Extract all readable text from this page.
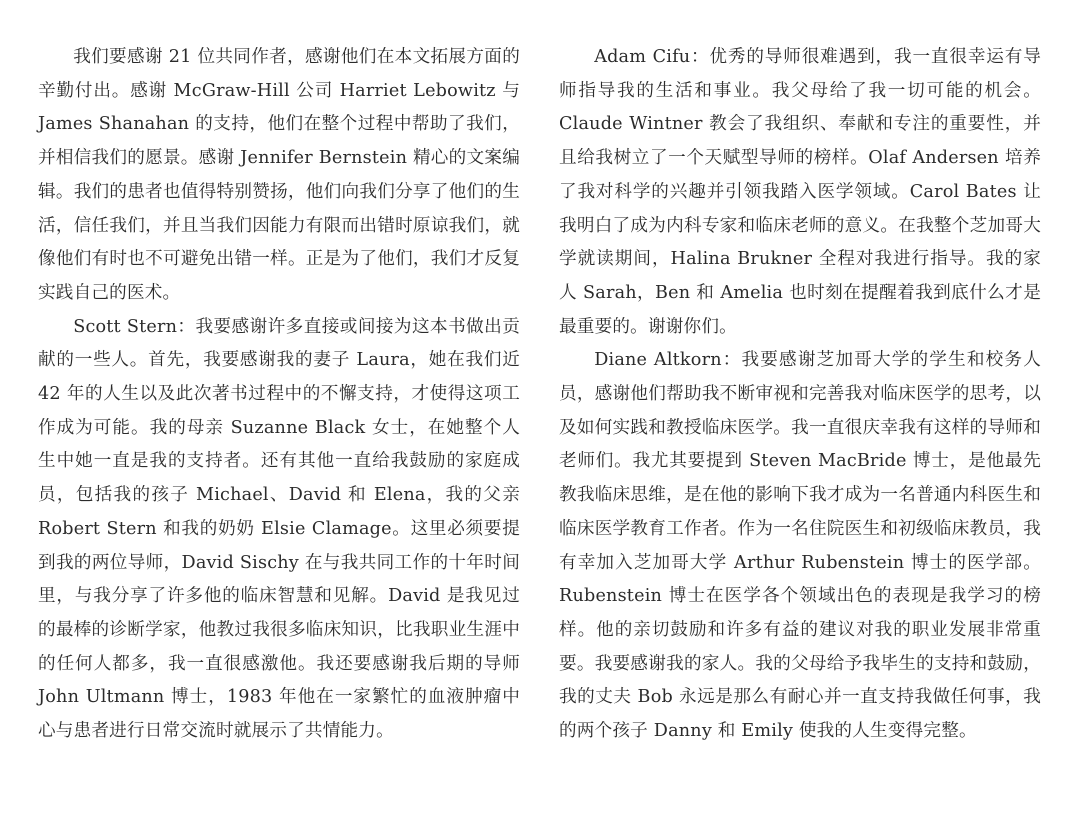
我们要感谢 21 位共同作者，感谢他们在本文拓展方面的辛勤付出。感谢 McGraw-Hill 公司 Harriet Lebowitz 与 James Shanahan 的支持，他们在整个过程中帮助了我们，并相信我们的愿景。感谢 Jennifer Bernstein 精心的文案编辑。我们的患者也值得特别赞扬，他们向我们分享了他们的生活，信任我们，并且当我们因能力有限而出错时原谅我们，就像他们有时也不可避免出错一样。正是为了他们，我们才反复实践自己的医术。

Scott Stern：我要感谢许多直接或间接为这本书做出贡献的一些人。首先，我要感谢我的妻子 Laura，她在我们近 42 年的人生以及此次著书过程中的不懈支持，才使得这项工作成为可能。我的母亲 Suzanne Black 女士，在她整个人生中她一直是我的支持者。还有其他一直给我鼓励的家庭成员，包括我的孩子 Michael、David 和 Elena，我的父亲 Robert Stern 和我的奶奶 Elsie Clamage。这里必须要提到我的两位导师，David Sischy 在与我共同工作的十年时间里，与我分享了许多他的临床智慧和见解。David 是我见过的最棒的诊断学家，他教过我很多临床知识，比我职业生涯中的任何人都多，我一直很感激他。我还要感谢我后期的导师 John Ultmann 博士，1983 年他在一家繁忙的血液肿瘤中心与患者进行日常交流时就展示了共情能力。

Adam Cifu：优秀的导师很难遇到，我一直很幸运有导师指导我的生活和事业。我父母给了我一切可能的机会。Claude Wintner 教会了我组织、奉献和专注的重要性，并且给我树立了一个天赋型导师的榜样。Olaf Andersen 培养了我对科学的兴趣并引领我踏入医学领域。Carol Bates 让我明白了成为内科专家和临床老师的意义。在我整个芝加哥大学就读期间，Halina Brukner 全程对我进行指导。我的家人 Sarah，Ben 和 Amelia 也时刻在提醒着我到底什么才是最重要的。谢谢你们。

Diane Altkorn：我要感谢芝加哥大学的学生和校务人员，感谢他们帮助我不断审视和完善我对临床医学的思考，以及如何实践和教授临床医学。我一直很庆幸我有这样的导师和老师们。我尤其要提到 Steven MacBride 博士，是他最先教我临床思维，是在他的影响下我才成为一名普通内科医生和临床医学教育工作者。作为一名住院医生和初级临床教员，我有幸加入芝加哥大学 Arthur Rubenstein 博士的医学部。Rubenstein 博士在医学各个领域出色的表现是我学习的榜样。他的亲切鼓励和许多有益的建议对我的职业发展非常重要。我要感谢我的家人。我的父母给予我毕生的支持和鼓励，我的丈夫 Bob 永远是那么有耐心并一直支持我做任何事，我的两个孩子 Danny 和 Emily 使我的人生变得完整。
